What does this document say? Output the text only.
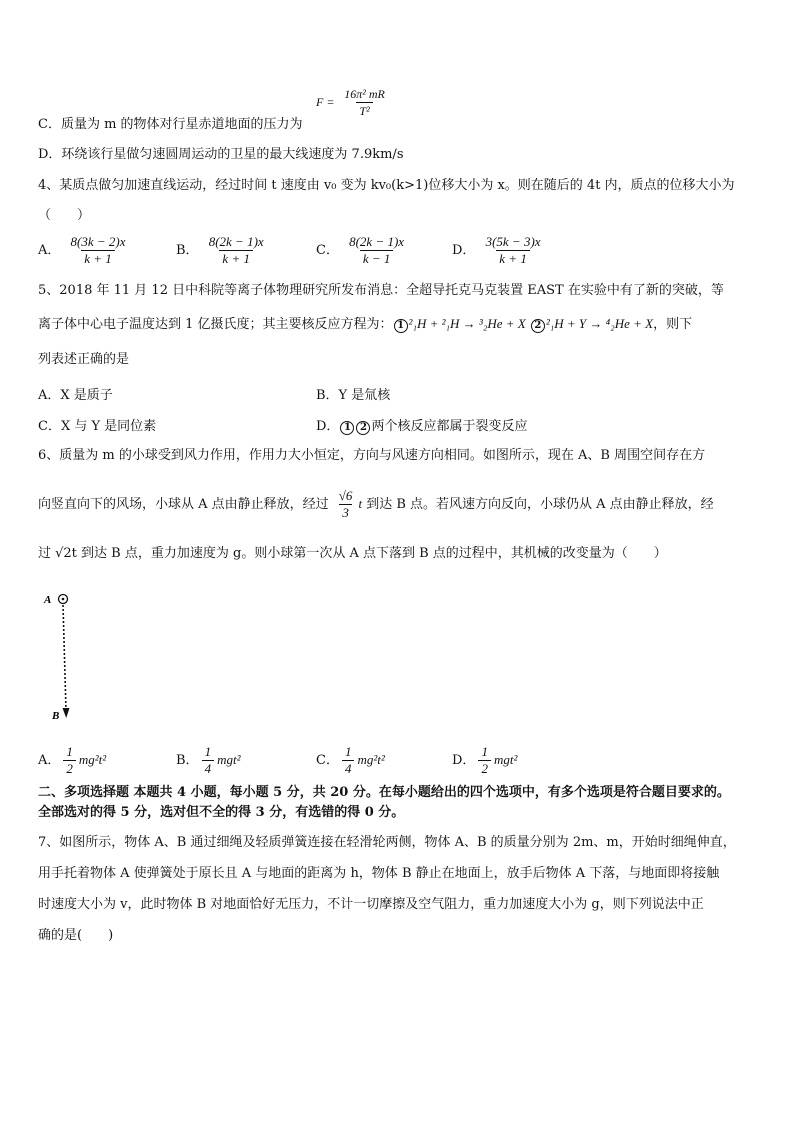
$F = \frac{\text{16π² mR}}{\text{T²}}$
C．质量为 m 的物体对行星赤道地面的压力为
D．环绕该行星做匀速圆周运动的卫星的最大线速度为 7.9km/s
4、某质点做匀加速直线运动，经过时间 t 速度由 v₀ 变为 kv₀(k>1)位移大小为 x。则在随后的 4t 内，质点的位移大小为
（　　）
A． $\frac{8(3k - 2)x}{k + 1}$	B． $\frac{8(2k - 1)x}{k + 1}$	C． $\frac{8(2k - 1)x}{k - 1}$	D． $\frac{3(5k - 3)x}{k + 1}$
5、2018 年 11 月 12 日中科院等离子体物理研究所发布消息：全超导托克马克装置 EAST 在实验中有了新的突破，等
离子体中心电子温度达到 1 亿摄氏度；其主要核反应方程为： 1 ²₁H + ²₁H → ³₂He + X 2 ²₁H + Y → ⁴₂He + X，则下
列表述正确的是
A．X 是质子	B．Y 是氚核
C．X 与 Y 是同位素	D． 1 2 两个核反应都属于裂变反应
6、质量为 m 的小球受到风力作用，作用力大小恒定，方向与风速方向相同。如图所示，现在 A、B 周围空间存在方
向竖直向下的风场，小球从 A 点由静止释放，经过 $\frac{√6}{3}$ t 到达 B 点。若风速方向反向，小球仍从 A 点由静止释放，经
过 √2t 到达 B 点，重力加速度为 g。则小球第一次从 A 点下落到 B 点的过程中，其机械的改变量为（　　）
A
B
A． $\frac{1}{2} mg^2t^2$	B． $\frac{1}{4} mgt^2$	C． $\frac{1}{4} mg^2t^2$	D． $\frac{1}{2} mgt^2$
二、多项选择题 本题共 4 小题，每小题 5 分，共 20 分。在每小题给出的四个选项中，有多个选项是符合题目要求的。
全部选对的得 5 分，选对但不全的得 3 分，有选错的得 0 分。
7、如图所示，物体 A、B 通过细绳及轻质弹簧连接在轻滑轮两侧，物体 A、B 的质量分别为 2m、m，开始时细绳伸直，
用手托着物体 A 使弹簧处于原长且 A 与地面的距离为 h，物体 B 静止在地面上，放手后物体 A 下落，与地面即将接触
时速度大小为 v，此时物体 B 对地面恰好无压力，不计一切摩擦及空气阻力，重力加速度大小为 g，则下列说法中正
确的是(　　)
